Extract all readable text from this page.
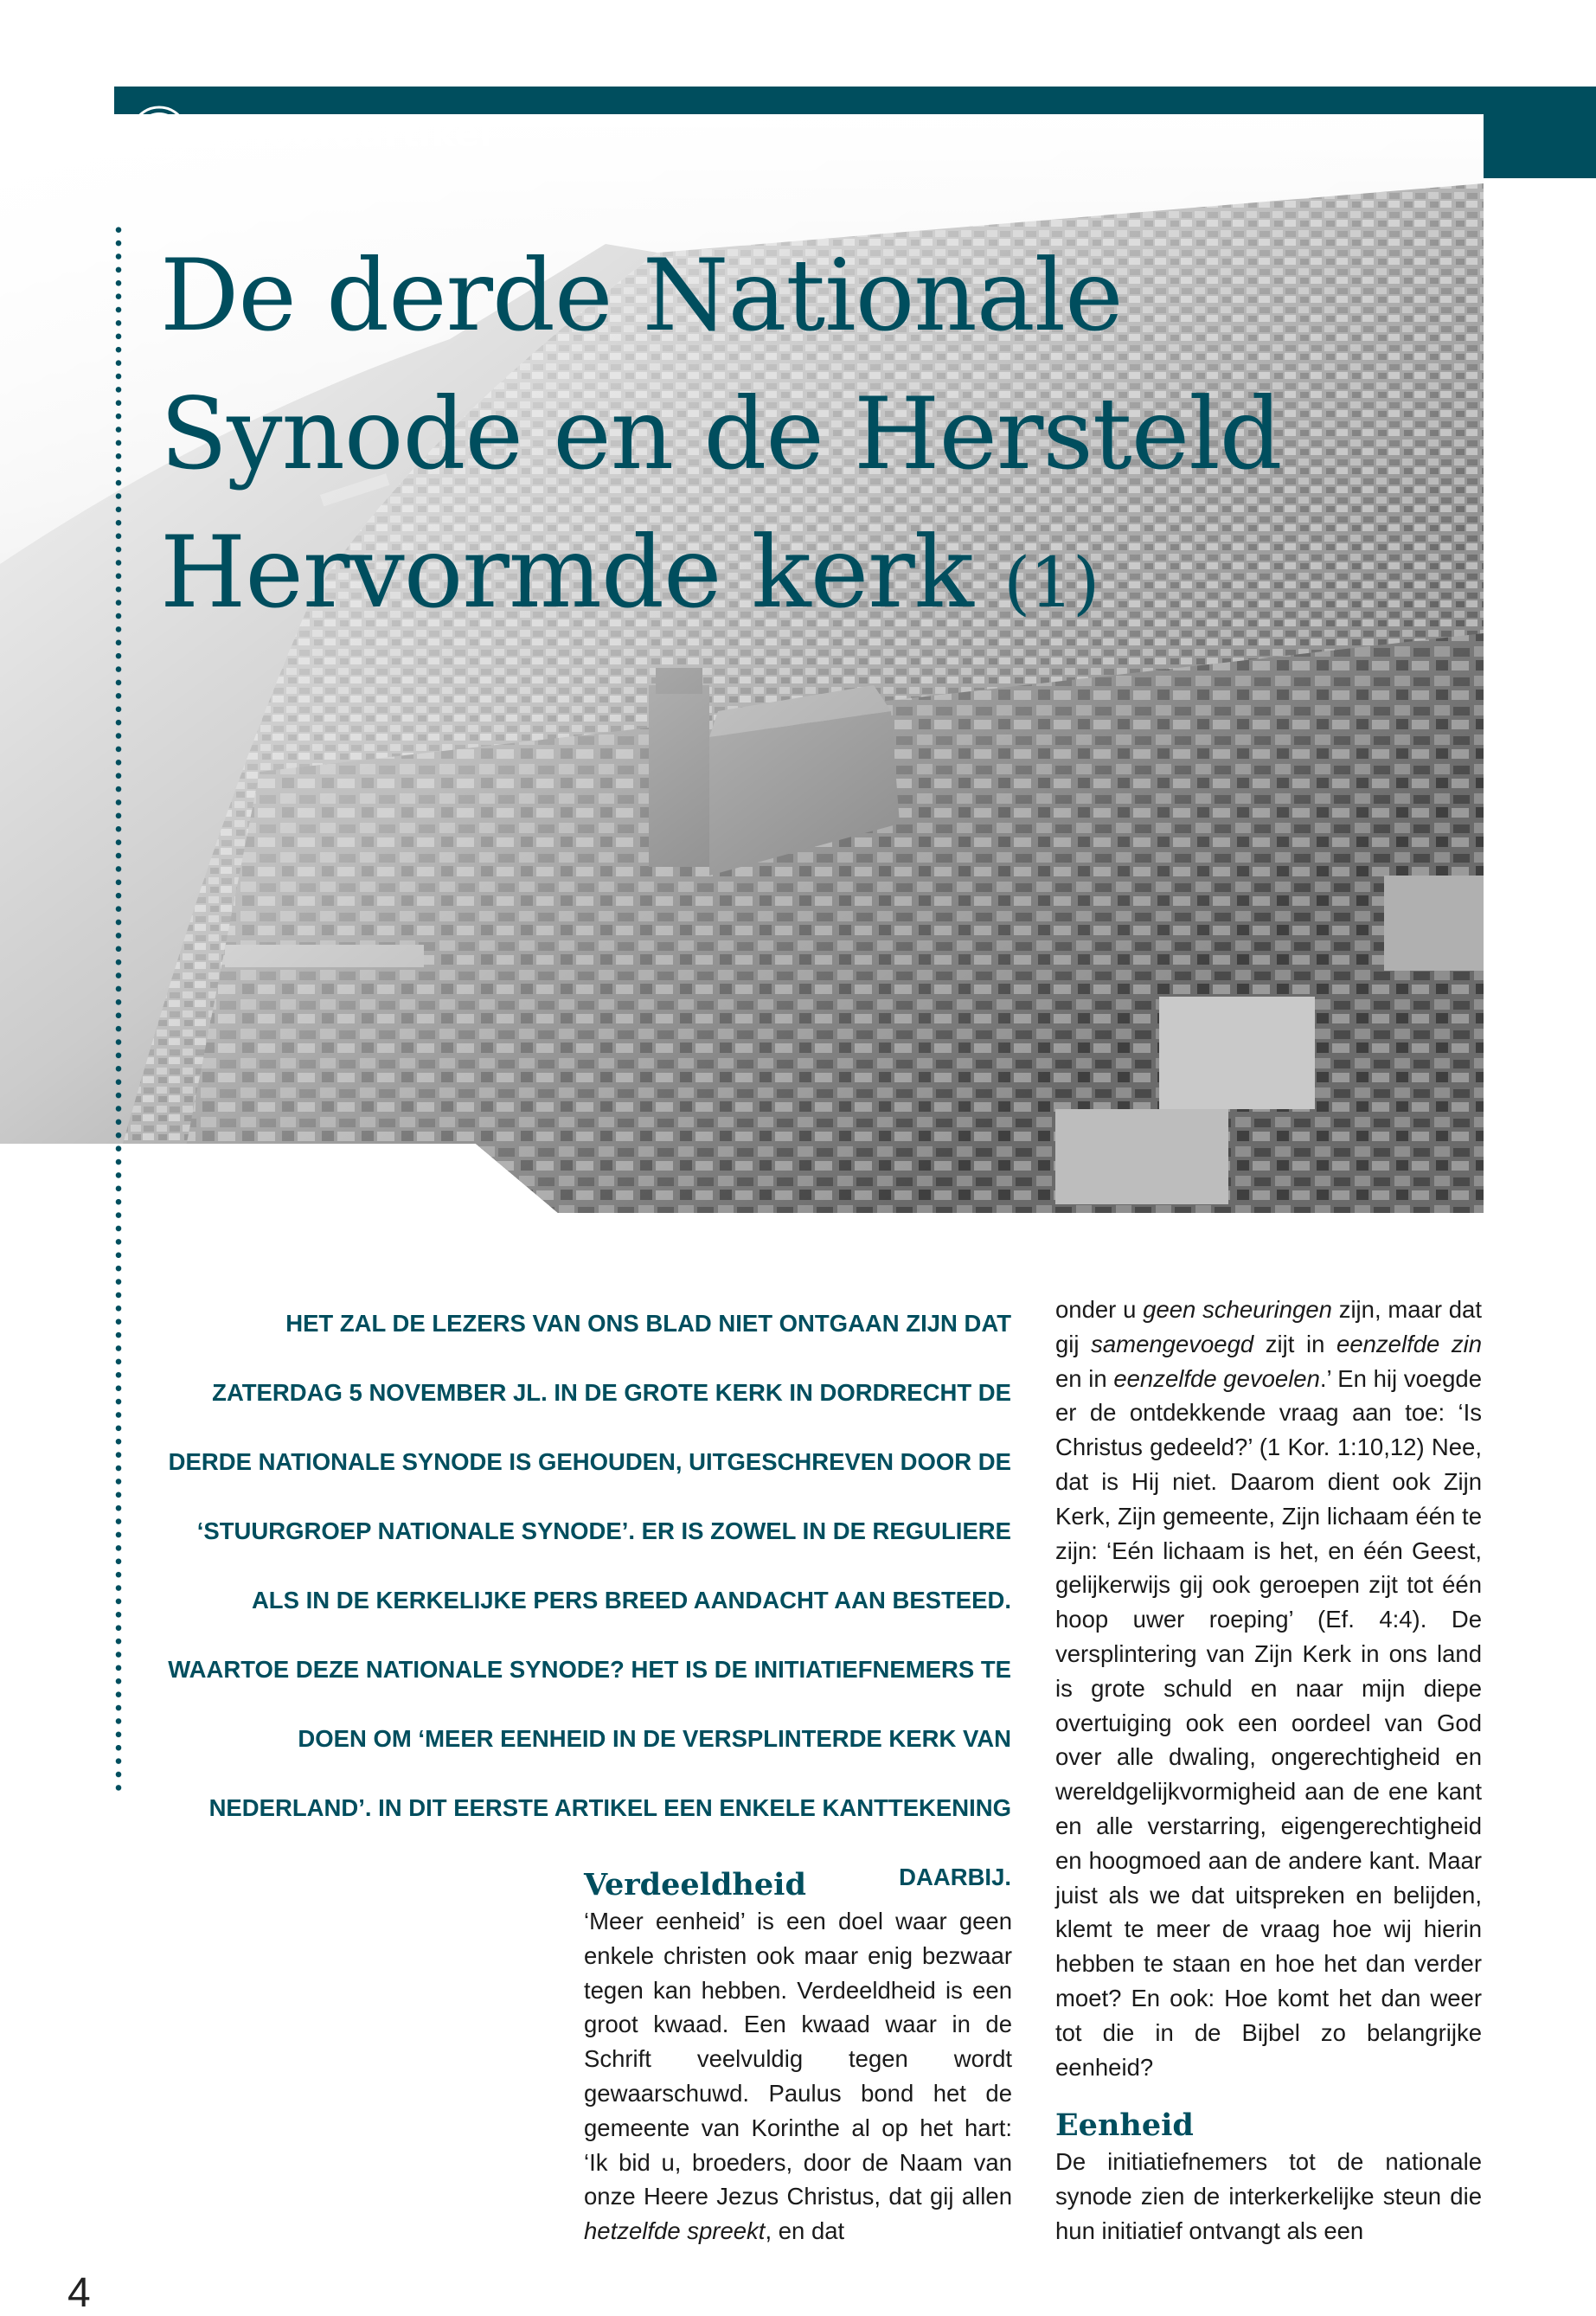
| Hoofdartikel
De derde Nationale
Synode en de Hersteld
Hervormde kerk (1)

HET ZAL DE LEZERS VAN ONS BLAD NIET ONTGAAN ZIJN DAT ZATERDAG 5 NOVEMBER JL. IN DE GROTE KERK IN DORDRECHT DE DERDE NATIONALE SYNODE IS GEHOUDEN, UITGESCHREVEN DOOR DE ‘STUURGROEP NATIONALE SYNODE’. ER IS ZOWEL IN DE REGULIERE ALS IN DE KERKELIJKE PERS BREED AANDACHT AAN BESTEED. WAARTOE DEZE NATIONALE SYNODE? HET IS DE INITIATIEFNEMERS TE DOEN OM ‘MEER EENHEID IN DE VERSPLINTERDE KERK VAN NEDERLAND’. IN DIT EERSTE ARTIKEL EEN ENKELE KANTTEKENING DAARBIJ.

Verdeeldheid

‘Meer eenheid’ is een doel waar geen enkele christen ook maar enig bezwaar tegen kan hebben. Verdeeldheid is een groot kwaad. Een kwaad waar in de Schrift veelvuldig tegen wordt gewaarschuwd. Paulus bond het de gemeente van Korinthe al op het hart: ‘Ik bid u, broeders, door de Naam van onze Heere Jezus Christus, dat gij allen hetzelfde spreekt, en dat

onder u geen scheuringen zijn, maar dat gij samengevoegd zijt in eenzelfde zin en in eenzelfde gevoelen.’ En hij voegde er de ontdekkende vraag aan toe: ‘Is Christus gedeeld?’ (1 Kor. 1:10,12) Nee, dat is Hij niet. Daarom dient ook Zijn Kerk, Zijn gemeente, Zijn lichaam één te zijn: ‘Eén lichaam is het, en één Geest, gelijkerwijs gij ook geroepen zijt tot één hoop uwer roeping’ (Ef. 4:4). De versplintering van Zijn Kerk in ons land is grote schuld en naar mijn diepe overtuiging ook een oordeel van God over alle dwaling, ongerechtigheid en wereldgelijkvormigheid aan de ene kant en alle verstarring, eigengerechtigheid en hoogmoed aan de andere kant. Maar juist als we dat uitspreken en belijden, klemt te meer de vraag hoe wij hierin hebben te staan en hoe het dan verder moet? En ook: Hoe komt het dan weer tot die in de Bijbel zo belangrijke eenheid?

Eenheid

De initiatiefnemers tot de nationale synode zien de interkerkelijke steun die hun initiatief ontvangt als een

4
